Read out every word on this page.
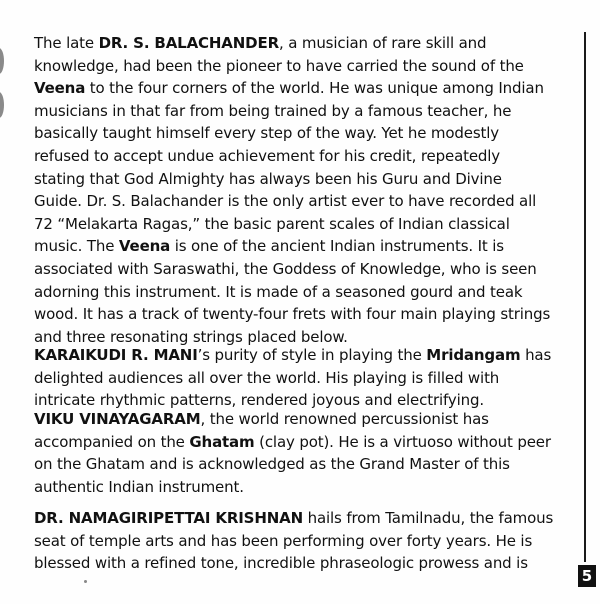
The late DR. S. BALACHANDER, a musician of rare skill and knowledge, had been the pioneer to have carried the sound of the Veena to the four corners of the world. He was unique among Indian musicians in that far from being trained by a famous teacher, he basically taught himself every step of the way. Yet he modestly refused to accept undue achievement for his credit, repeatedly stating that God Almighty has always been his Guru and Divine Guide. Dr. S. Balachander is the only artist ever to have recorded all 72 “Melakarta Ragas,” the basic parent scales of Indian classical music. The Veena is one of the ancient Indian instruments. It is associated with Saraswathi, the Goddess of Knowledge, who is seen adorning this instrument. It is made of a seasoned gourd and teak wood. It has a track of twenty-four frets with four main playing strings and three resonating strings placed below.

KARAIKUDI R. MANI’s purity of style in playing the Mridangam has delighted audiences all over the world. His playing is filled with intricate rhythmic patterns, rendered joyous and electrifying.

VIKU VINAYAGARAM, the world renowned percussionist has accompanied on the Ghatam (clay pot). He is a virtuoso without peer on the Ghatam and is acknowledged as the Grand Master of this authentic Indian instrument.

DR. NAMAGIRIPETTAI KRISHNAN hails from Tamilnadu, the famous seat of temple arts and has been performing over forty years. He is blessed with a refined tone, incredible phraseologic prowess and is

5
